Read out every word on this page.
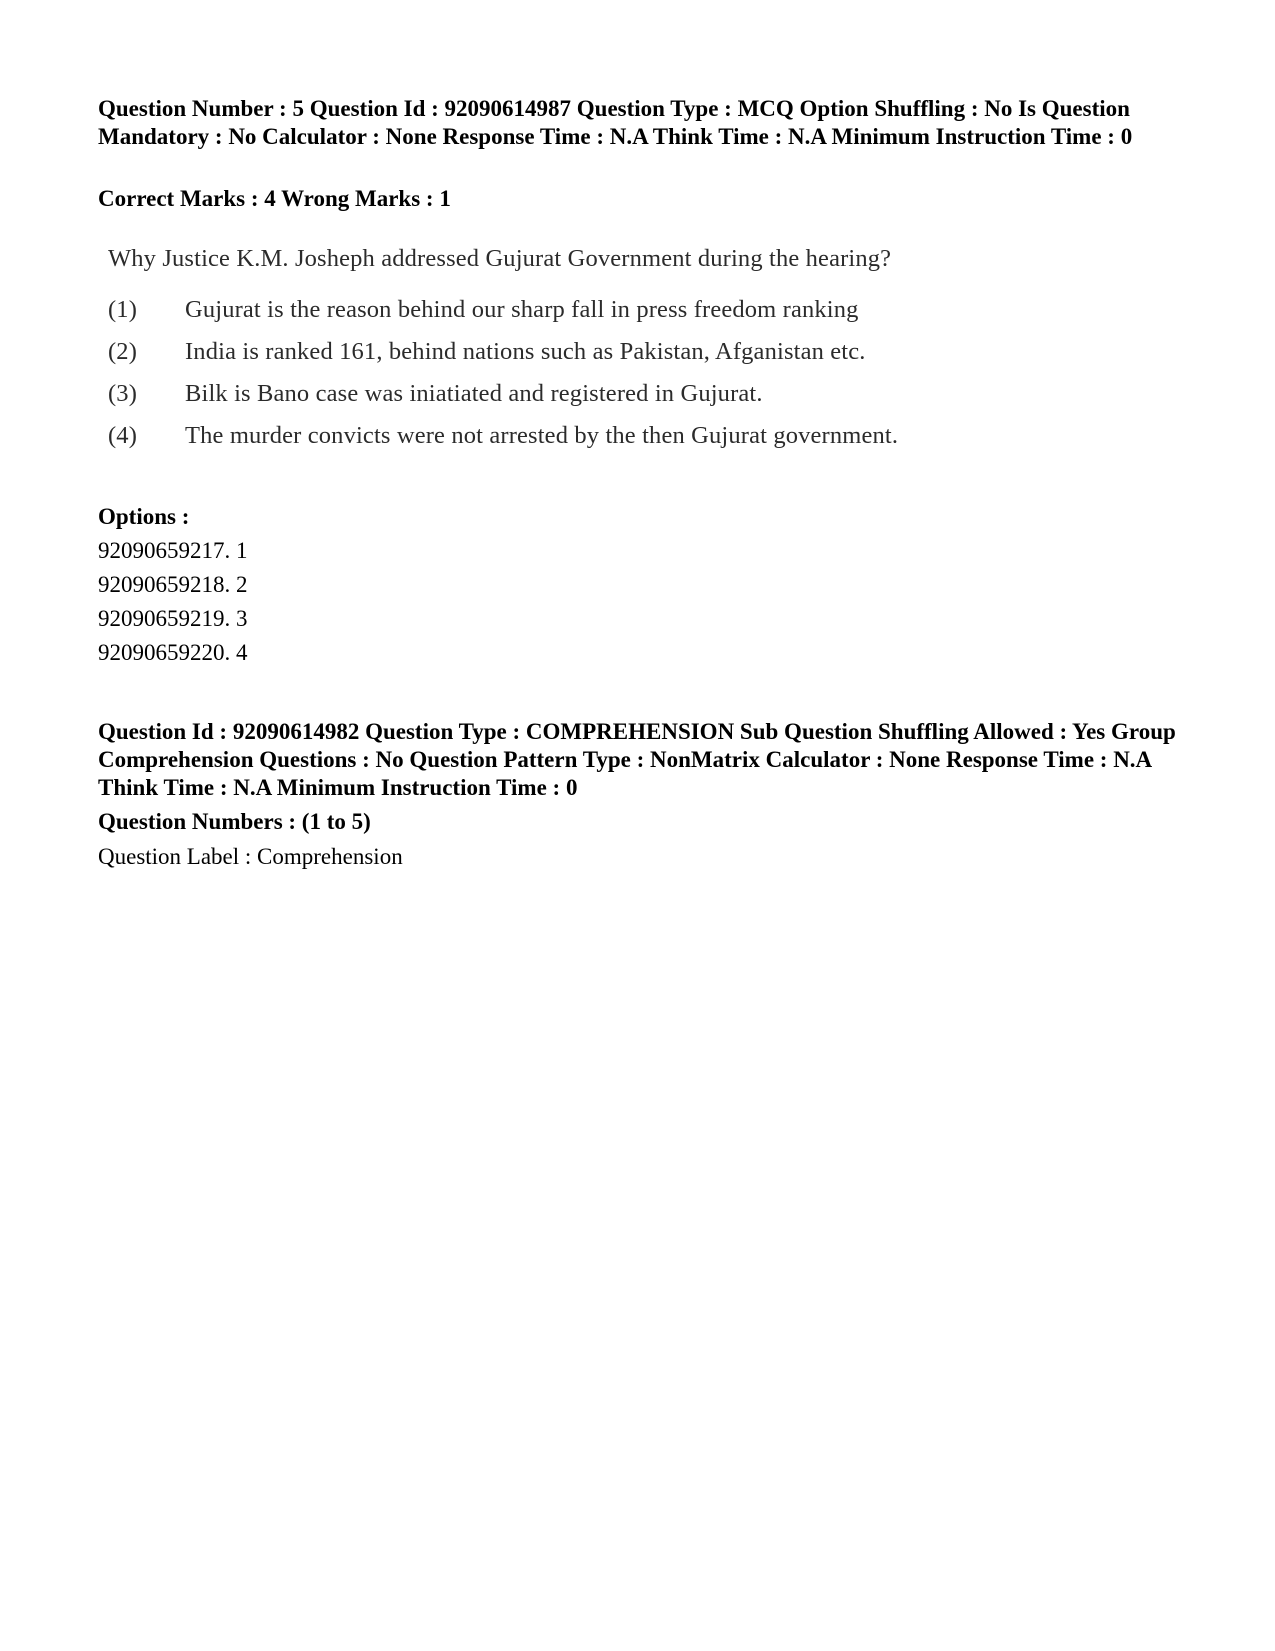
Question Number : 5 Question Id : 92090614987 Question Type : MCQ Option Shuffling : No Is Question Mandatory : No Calculator : None Response Time : N.A Think Time : N.A Minimum Instruction Time : 0
Correct Marks : 4 Wrong Marks : 1
Why Justice K.M. Josheph addressed Gujurat Government during the hearing?
(1)	Gujurat is the reason behind our sharp fall in press freedom ranking
(2)	India is ranked 161, behind nations such as Pakistan, Afganistan etc.
(3)	Bilk is Bano case was iniatiated and registered in Gujurat.
(4)	The murder convicts were not arrested by the then Gujurat government.
Options :
92090659217. 1
92090659218. 2
92090659219. 3
92090659220. 4
Question Id : 92090614982 Question Type : COMPREHENSION Sub Question Shuffling Allowed : Yes Group Comprehension Questions : No Question Pattern Type : NonMatrix Calculator : None Response Time : N.A Think Time : N.A Minimum Instruction Time : 0
Question Numbers : (1 to 5)
Question Label : Comprehension
